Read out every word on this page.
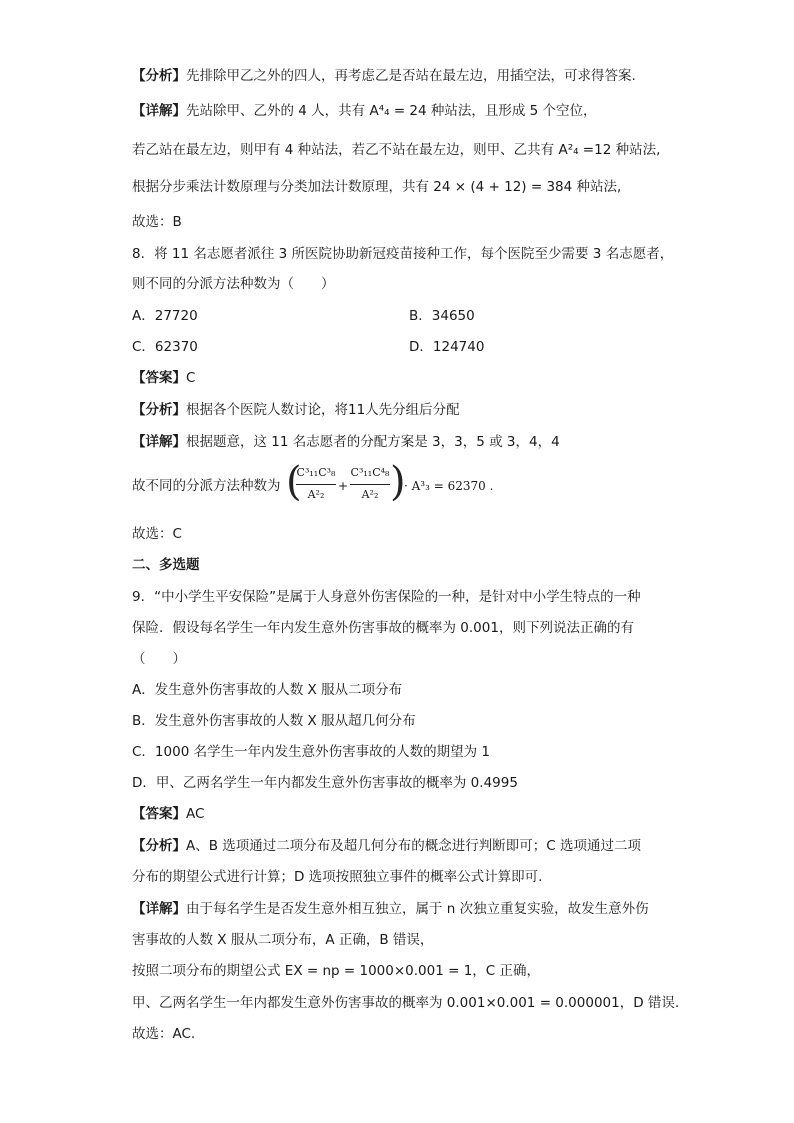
【分析】先排除甲乙之外的四人，再考虑乙是否站在最左边，用插空法，可求得答案.
【详解】先站除甲、乙外的 4 人，共有 A⁴₄ = 24 种站法，且形成 5 个空位，
若乙站在最左边，则甲有 4 种站法，若乙不站在最左边，则甲、乙共有 A²₄ =12 种站法,
根据分步乘法计数原理与分类加法计数原理，共有 24 × (4 + 12) = 384 种站法,
故选：B
8．将 11 名志愿者派往 3 所医院协助新冠疫苗接种工作，每个医院至少需要 3 名志愿者，
则不同的分派方法种数为（　　）
A．27720	B．34650
C．62370	D．124740
【答案】C
【分析】根据各个医院人数讨论，将11人先分组后分配
【详解】根据题意，这 11 名志愿者的分配方案是 3，3，5 或 3，4，4
故不同的分派方法种数为 (
$\frac{\text{C³₁₁C³₈}}{\text{A²₂}} + \frac{\text{C³₁₁C⁴₈}}{\text{A²₂}}$ )
· A³₃ = 62370 .
故选：C
二、多选题
9．“中小学生平安保险”是属于人身意外伤害保险的一种，是针对中小学生特点的一种
保险．假设每名学生一年内发生意外伤害事故的概率为 0.001，则下列说法正确的有
（　　）
A．发生意外伤害事故的人数 X 服从二项分布
B．发生意外伤害事故的人数 X 服从超几何分布
C．1000 名学生一年内发生意外伤害事故的人数的期望为 1
D．甲、乙两名学生一年内都发生意外伤害事故的概率为 0.4995
【答案】AC
【分析】A、B 选项通过二项分布及超几何分布的概念进行判断即可；C 选项通过二项
分布的期望公式进行计算；D 选项按照独立事件的概率公式计算即可.
【详解】由于每名学生是否发生意外相互独立，属于 n 次独立重复实验，故发生意外伤
害事故的人数 X 服从二项分布，A 正确，B 错误，
按照二项分布的期望公式 EX = np = 1000×0.001 = 1，C 正确，
甲、乙两名学生一年内都发生意外伤害事故的概率为 0.001×0.001 = 0.000001，D 错误.
故选：AC.
